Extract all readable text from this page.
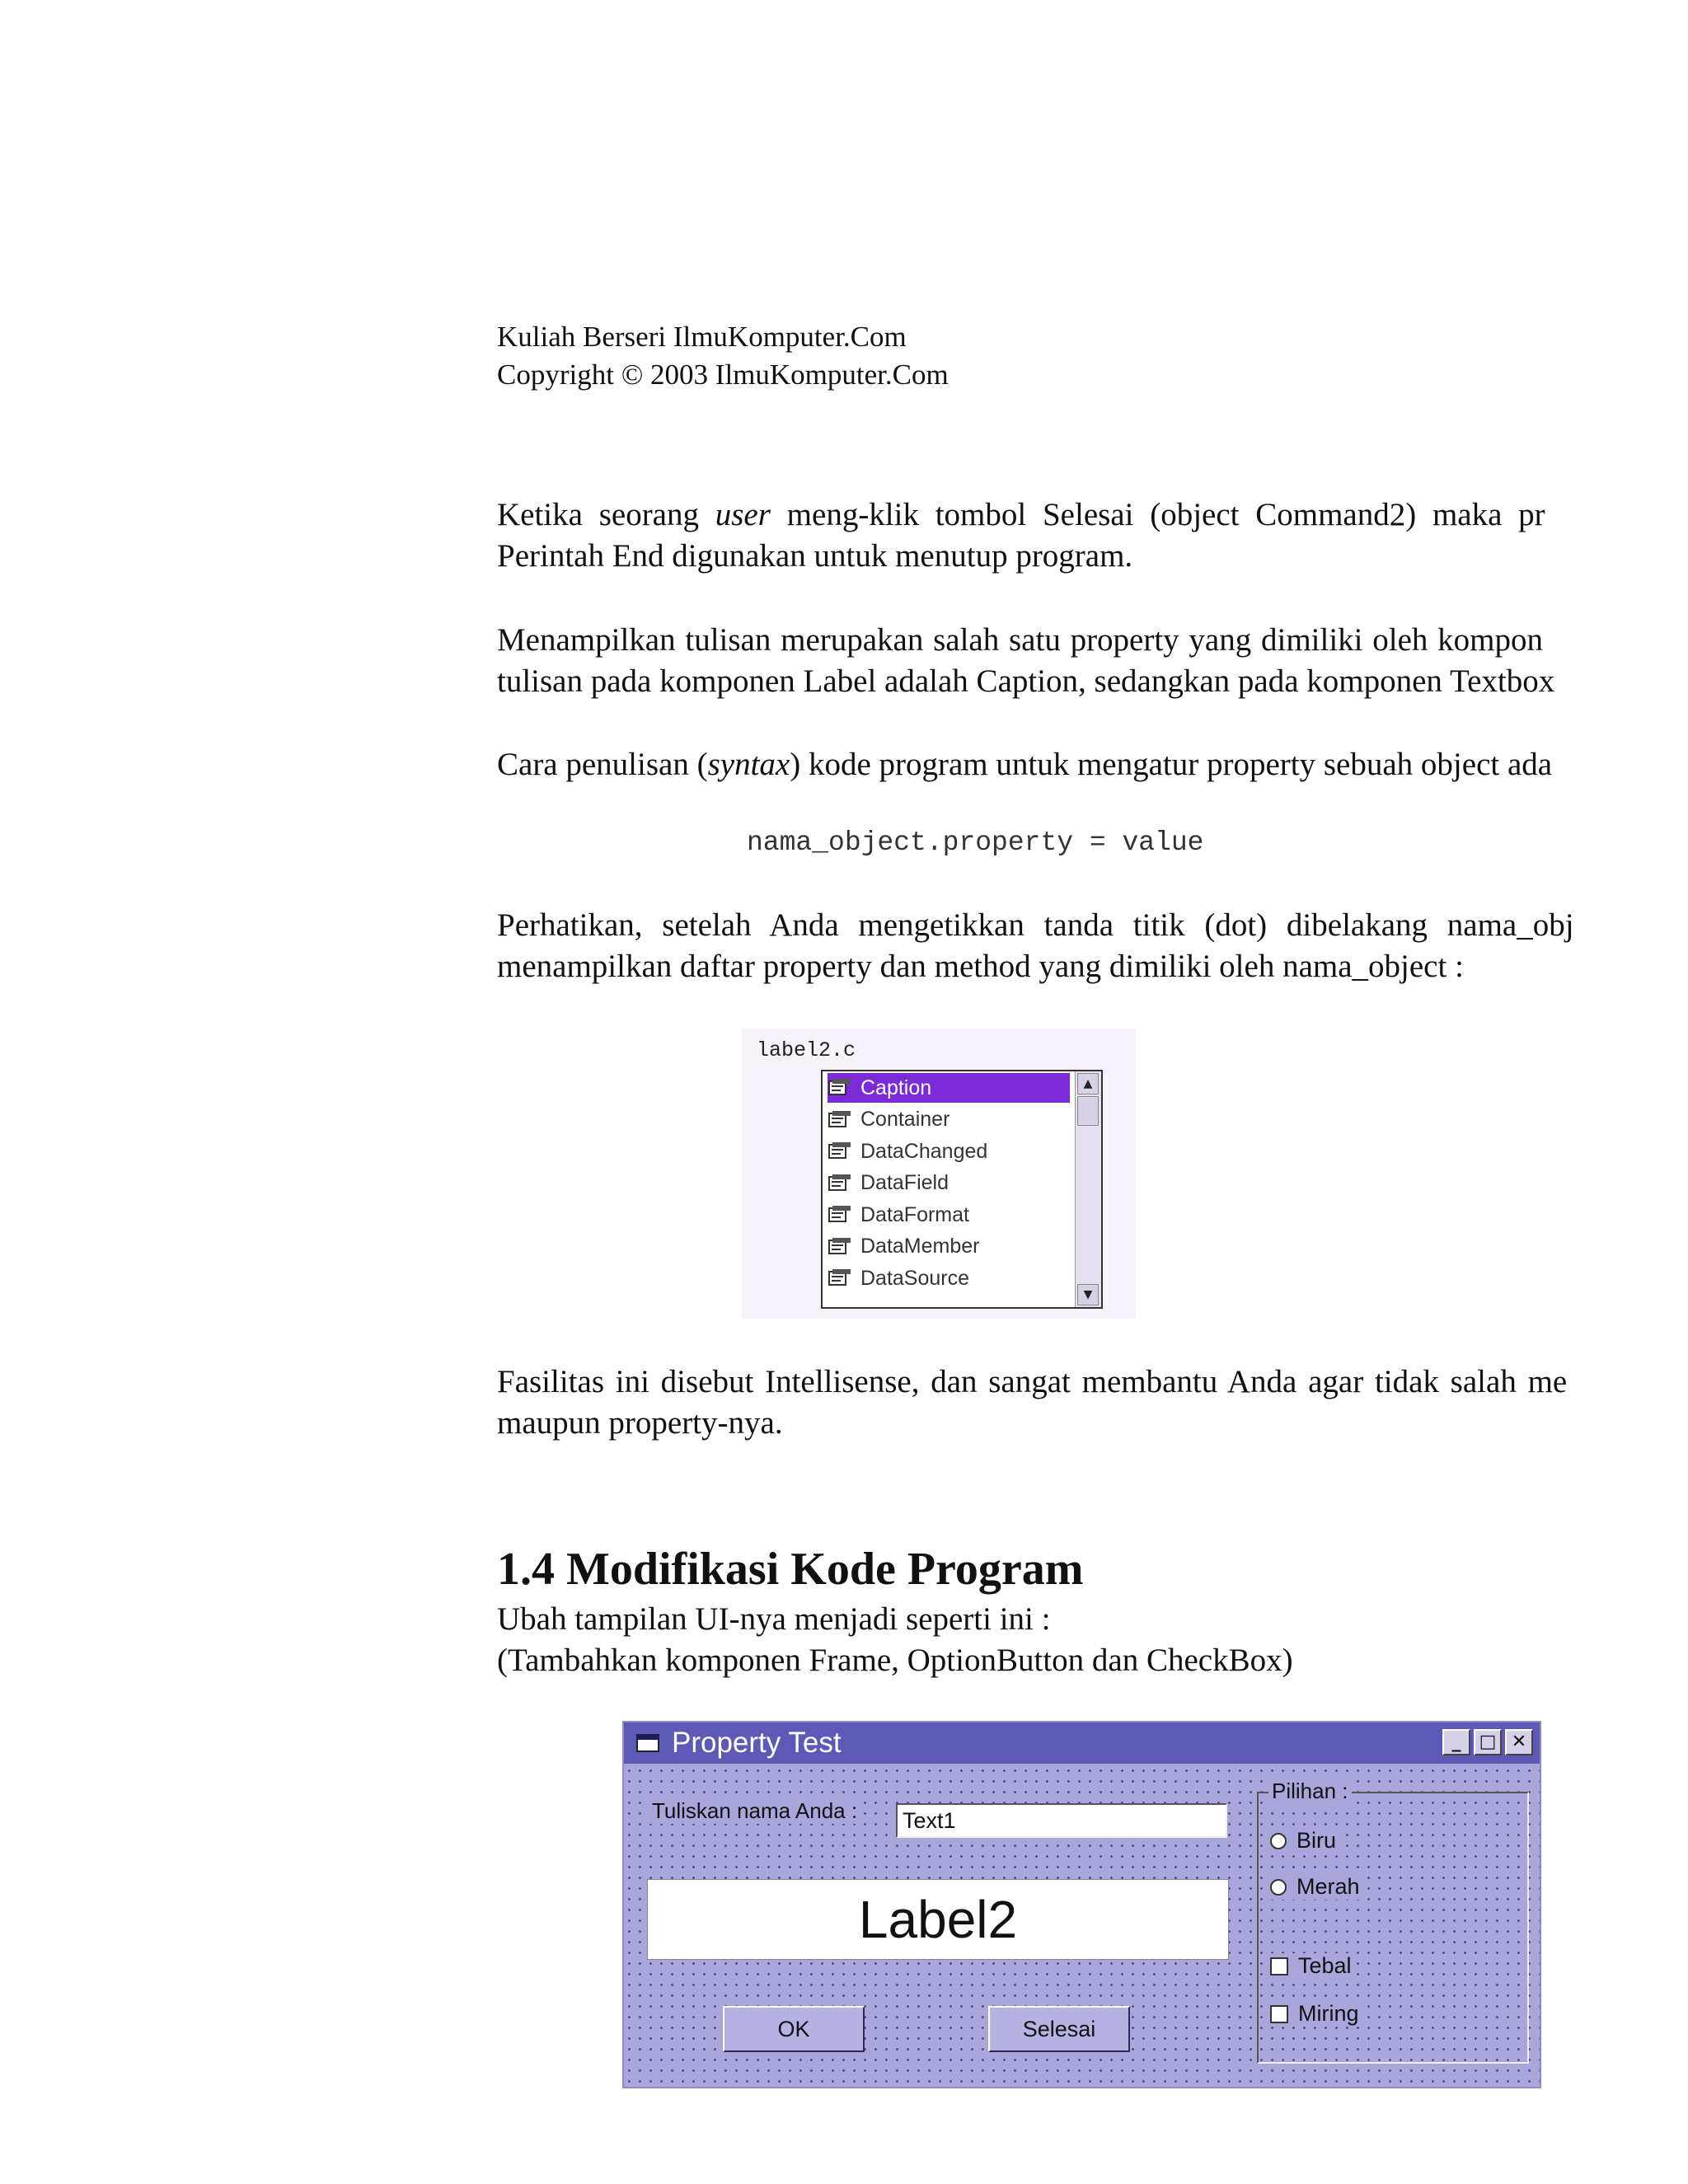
Kuliah Berseri IlmuKomputer.Com
Copyright © 2003 IlmuKomputer.Com
Ketika seorang user meng-klik tombol Selesai (object Command2) maka pr
Perintah End digunakan untuk menutup program.
Menampilkan tulisan merupakan salah satu property yang dimiliki oleh kompon
tulisan pada komponen Label adalah Caption, sedangkan pada komponen Textbox
Cara penulisan (syntax) kode program untuk mengatur property sebuah object ada
nama_object.property = value
Perhatikan, setelah Anda mengetikkan tanda titik (dot) dibelakang nama_obj
menampilkan daftar property dan method yang dimiliki oleh nama_object :
label2.c
Caption
Container
DataChanged
DataField
DataFormat
DataMember
DataSource
▲
▼
Fasilitas ini disebut Intellisense, dan sangat membantu Anda agar tidak salah me
maupun property-nya.
1.4 Modifikasi Kode Program
Ubah tampilan UI-nya menjadi seperti ini :
(Tambahkan komponen Frame, OptionButton dan CheckBox)
Property Test	_	□ ✕
Tuliskan nama Anda : Text1
Label2
OK	Selesai
Pilihan :
Biru
Merah
Tebal
Miring
